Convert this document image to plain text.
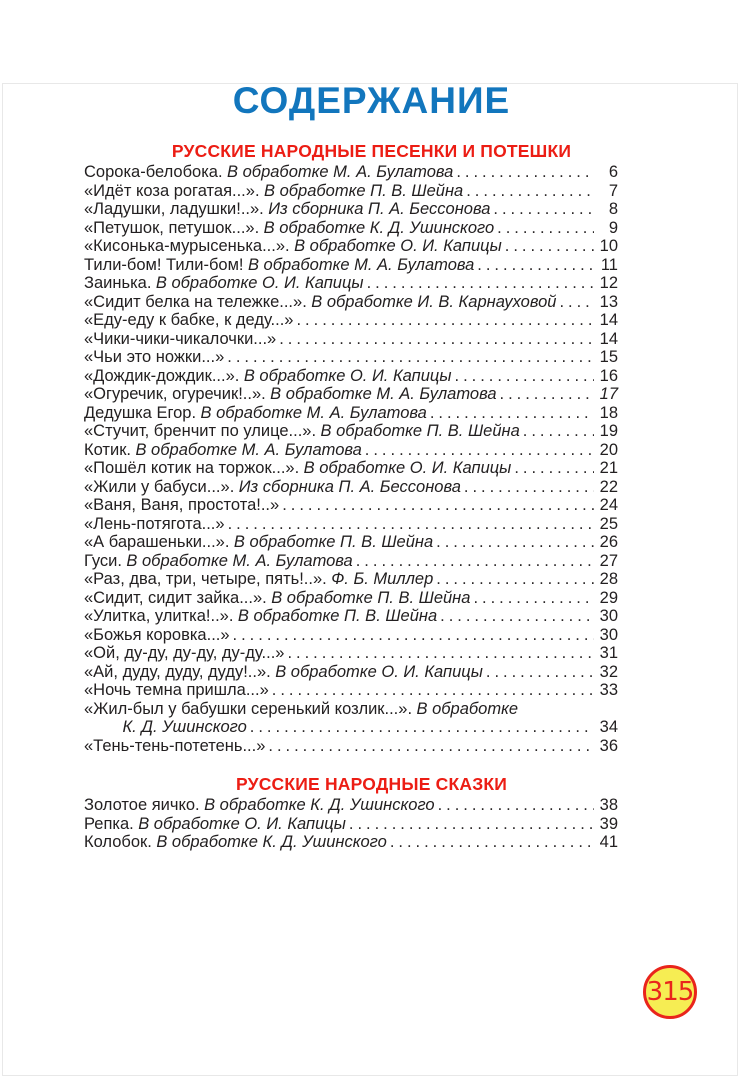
СОДЕРЖАНИЕ
РУССКИЕ НАРОДНЫЕ ПЕСЕНКИ И ПОТЕШКИ
Сорока-белобока. В обработке М. А. Булатова . . .	6
«Идёт коза рогатая...». В обработке П. В. Шейна . . .	7
«Ладушки, ладушки!..». Из сборника П. А. Бессонова . . .	8
«Петушок, петушок...». В обработке К. Д. Ушинского . . .	9
«Кисонька-мурысенька...». В обработке О. И. Капицы . . .	10
Тили-бом! Тили-бом! В обработке М. А. Булатова . . .	11
Заинька. В обработке О. И. Капицы . . .	12
«Сидит белка на тележке...». В обработке И. В. Карнауховой . . .	13
«Еду-еду к бабке, к деду...» . . .	14
«Чики-чики-чикалочки...» . . .	14
«Чьи это ножки...» . . .	15
«Дождик-дождик...». В обработке О. И. Капицы . . .	16
«Огуречик, огуречик!..». В обработке М. А. Булатова . . .	17
Дедушка Егор. В обработке М. А. Булатова . . .	18
«Стучит, бренчит по улице...». В обработке П. В. Шейна . . .	19
Котик. В обработке М. А. Булатова . . .	20
«Пошёл котик на торжок...». В обработке О. И. Капицы . . .	21
«Жили у бабуси...». Из сборника П. А. Бессонова . . .	22
«Ваня, Ваня, простота!..» . . .	24
«Лень-потягота...» . . .	25
«А барашеньки...». В обработке П. В. Шейна . . .	26
Гуси. В обработке М. А. Булатова . . .	27
«Раз, два, три, четыре, пять!..». Ф. Б. Миллер . . .	28
«Сидит, сидит зайка...». В обработке П. В. Шейна . . .	29
«Улитка, улитка!..». В обработке П. В. Шейна . . .	30
«Божья коровка...» . . .	30
«Ой, ду-ду, ду-ду, ду-ду...» . . .	31
«Ай, дуду, дуду, дуду!..». В обработке О. И. Капицы . . .	32
«Ночь темна пришла...» . . .	33
«Жил-был у бабушки серенький козлик...». В обработке
К. Д. Ушинского . . .	34
«Тень-тень-потетень...» . . .	36
РУССКИЕ НАРОДНЫЕ СКАЗКИ
Золотое яичко. В обработке К. Д. Ушинского . . .	38
Репка. В обработке О. И. Капицы . . .	39
Колобок. В обработке К. Д. Ушинского . . .	41
315
